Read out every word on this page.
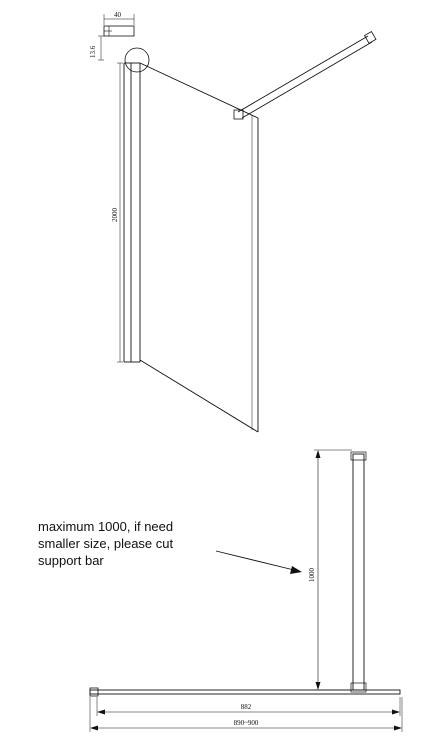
40
13.6
2000
1000
882
890~900
maximum 1000, if need
smaller size, please cut
support bar
